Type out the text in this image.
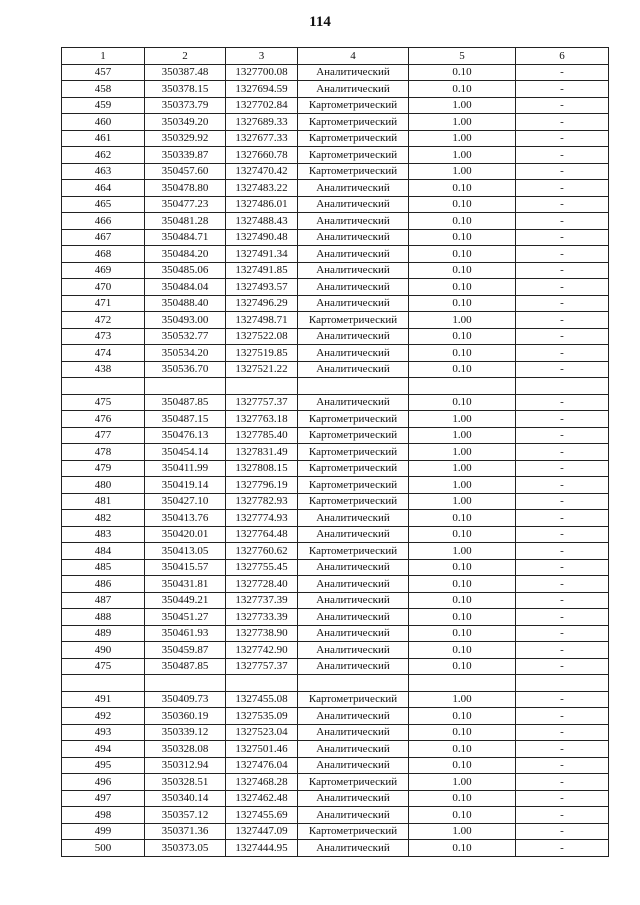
114
1	2	3	4	5	6
457	350387.48	1327700.08	Аналитический	0.10	-
458	350378.15	1327694.59	Аналитический	0.10	-
459	350373.79	1327702.84	Картометрический	1.00	-
460	350349.20	1327689.33	Картометрический	1.00	-
461	350329.92	1327677.33	Картометрический	1.00	-
462	350339.87	1327660.78	Картометрический	1.00	-
463	350457.60	1327470.42	Картометрический	1.00	-
464	350478.80	1327483.22	Аналитический	0.10	-
465	350477.23	1327486.01	Аналитический	0.10	-
466	350481.28	1327488.43	Аналитический	0.10	-
467	350484.71	1327490.48	Аналитический	0.10	-
468	350484.20	1327491.34	Аналитический	0.10	-
469	350485.06	1327491.85	Аналитический	0.10	-
470	350484.04	1327493.57	Аналитический	0.10	-
471	350488.40	1327496.29	Аналитический	0.10	-
472	350493.00	1327498.71	Картометрический	1.00	-
473	350532.77	1327522.08	Аналитический	0.10	-
474	350534.20	1327519.85	Аналитический	0.10	-
438	350536.70	1327521.22	Аналитический	0.10	-

475	350487.85	1327757.37	Аналитический	0.10	-
476	350487.15	1327763.18	Картометрический	1.00	-
477	350476.13	1327785.40	Картометрический	1.00	-
478	350454.14	1327831.49	Картометрический	1.00	-
479	350411.99	1327808.15	Картометрический	1.00	-
480	350419.14	1327796.19	Картометрический	1.00	-
481	350427.10	1327782.93	Картометрический	1.00	-
482	350413.76	1327774.93	Аналитический	0.10	-
483	350420.01	1327764.48	Аналитический	0.10	-
484	350413.05	1327760.62	Картометрический	1.00	-
485	350415.57	1327755.45	Аналитический	0.10	-
486	350431.81	1327728.40	Аналитический	0.10	-
487	350449.21	1327737.39	Аналитический	0.10	-
488	350451.27	1327733.39	Аналитический	0.10	-
489	350461.93	1327738.90	Аналитический	0.10	-
490	350459.87	1327742.90	Аналитический	0.10	-
475	350487.85	1327757.37	Аналитический	0.10	-

491	350409.73	1327455.08	Картометрический	1.00	-
492	350360.19	1327535.09	Аналитический	0.10	-
493	350339.12	1327523.04	Аналитический	0.10	-
494	350328.08	1327501.46	Аналитический	0.10	-
495	350312.94	1327476.04	Аналитический	0.10	-
496	350328.51	1327468.28	Картометрический	1.00	-
497	350340.14	1327462.48	Аналитический	0.10	-
498	350357.12	1327455.69	Аналитический	0.10	-
499	350371.36	1327447.09	Картометрический	1.00	-
500	350373.05	1327444.95	Аналитический	0.10	-
